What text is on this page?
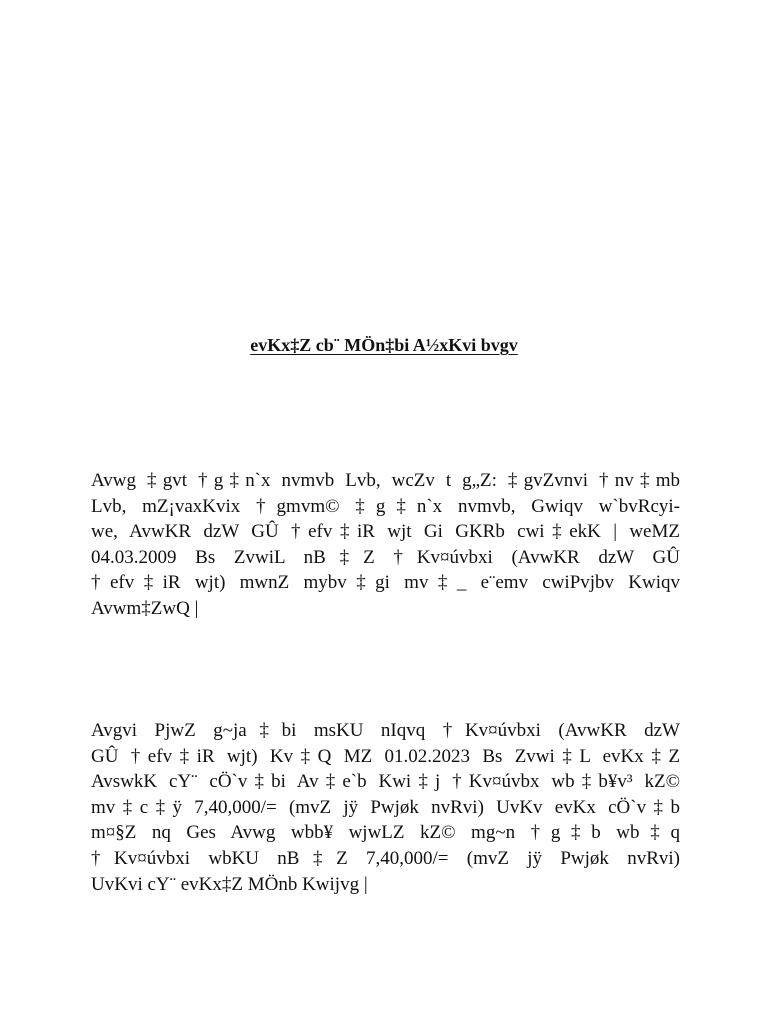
evKx‡Z cb¨ MÖn‡bi A½xKvi bvgv

Avwg ‡gvt †g‡n`x nvmvb Lvb, wcZv t g„Z: ‡gvZvnvi †nv‡mb
Lvb, mZ¡vaxKvix †gmvm© ‡g‡n`x nvmvb, Gwiqv w`bvRcyi-
we, AvwKR dzW GÛ †efv‡iR wjt Gi GKRb cwi‡ekK | weMZ
04.03.2009 Bs ZvwiL nB‡Z †Kv¤úvbxi (AvwKR dzW GÛ
†efv‡iR wjt) mwnZ mybv‡gi mv‡_ e¨emv cwiPvjbv Kwiqv
Avwm‡ZwQ |

Avgvi PjwZ g~ja‡bi msKU nIqvq †Kv¤úvbxi (AvwKR dzW
GÛ †efv‡iR wjt) Kv‡Q MZ 01.02.2023 Bs Zvwi‡L evKx‡Z
AvswkK cY¨ cÖ`v‡bi Av‡e`b Kwi‡j †Kv¤úvbx wb‡b¥v³ kZ©
mv‡c‡ÿ 7,40,000/= (mvZ jÿ Pwjøk nvRvi) UvKv evKx cÖ`v‡b
m¤§Z nq Ges Avwg wbb¥ wjwLZ kZ© mg~n †g‡b wb‡q
†Kv¤úvbxi wbKU nB‡Z 7,40,000/= (mvZ jÿ Pwjøk nvRvi)
UvKvi cY¨ evKx‡Z MÖnb Kwijvg |
